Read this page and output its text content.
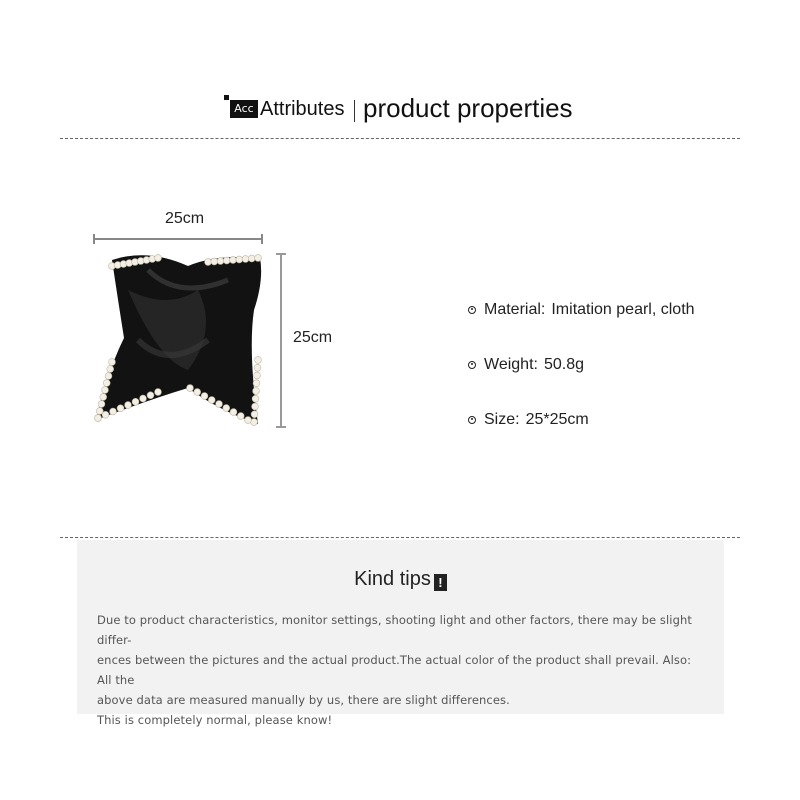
Acc Attributes product properties
25cm
25cm
Material: Imitation pearl, cloth
Weight: 50.8g
Size: 25*25cm
Kind tips !

Due to product characteristics, monitor settings, shooting light and other factors, there may be slight differ-

ences between the pictures and the actual product.The actual color of the product shall prevail. Also: All the

above data are measured manually by us, there are slight differences.

This is completely normal, please know!
